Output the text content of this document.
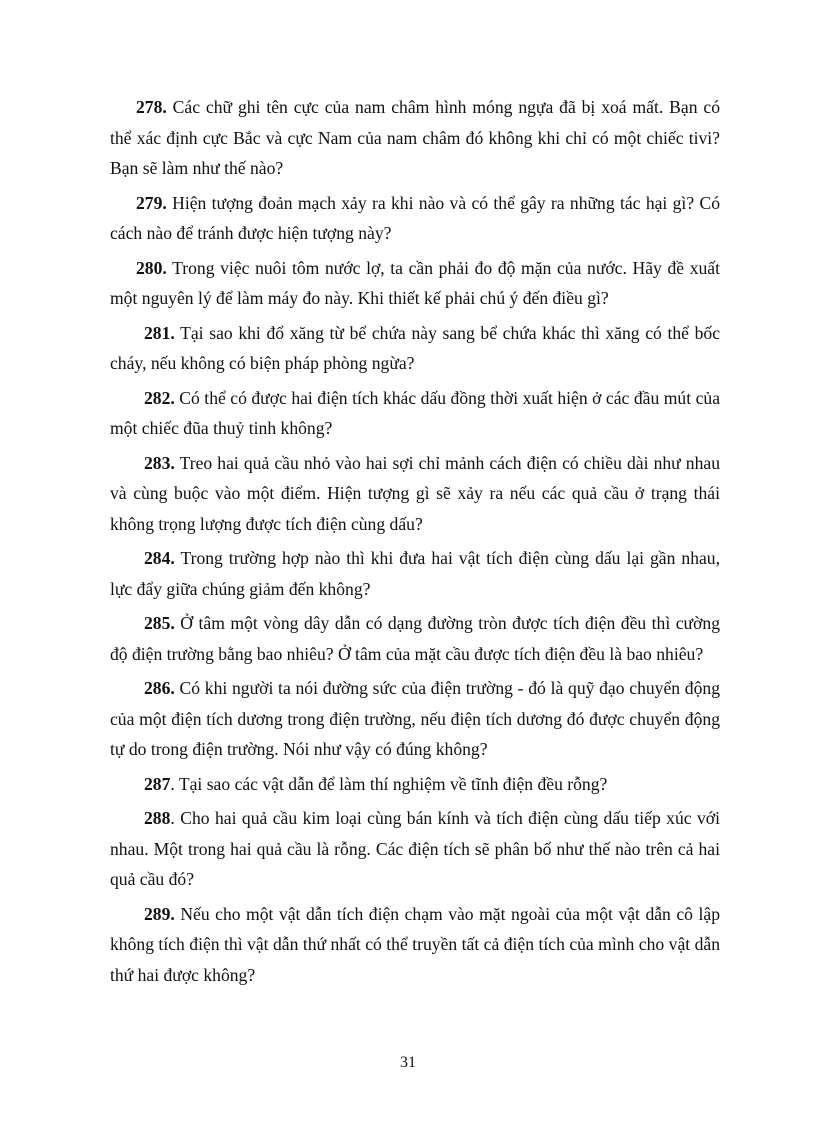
278. Các chữ ghi tên cực của nam châm hình móng ngựa đã bị xoá mất. Bạn có thể xác định cực Bắc và cực Nam của nam châm đó không khi chỉ có một chiếc tivi? Bạn sẽ làm như thế nào?

279. Hiện tượng đoản mạch xảy ra khi nào và có thể gây ra những tác hại gì? Có cách nào để tránh được hiện tượng này?

280. Trong việc nuôi tôm nước lợ, ta cần phải đo độ mặn của nước. Hãy đề xuất một nguyên lý để làm máy đo này. Khi thiết kế phải chú ý đến điều gì?

281. Tại sao khi đổ xăng từ bể chứa này sang bể chứa khác thì xăng có thể bốc cháy, nếu không có biện pháp phòng ngừa?

282. Có thể có được hai điện tích khác dấu đồng thời xuất hiện ở các đầu mút của một chiếc đũa thuỷ tinh không?

283. Treo hai quả cầu nhỏ vào hai sợi chỉ mảnh cách điện có chiều dài như nhau và cùng buộc vào một điểm. Hiện tượng gì sẽ xảy ra nếu các quả cầu ở trạng thái không trọng lượng được tích điện cùng dấu?

284. Trong trường hợp nào thì khi đưa hai vật tích điện cùng dấu lại gần nhau, lực đẩy giữa chúng giảm đến không?

285. Ở tâm một vòng dây dẫn có dạng đường tròn được tích điện đều thì cường độ điện trường bằng bao nhiêu? Ở tâm của mặt cầu được tích điện đều là bao nhiêu?

286. Có khi người ta nói đường sức của điện trường - đó là quỹ đạo chuyển động của một điện tích dương trong điện trường, nếu điện tích dương đó được chuyển động tự do trong điện trường. Nói như vậy có đúng không?

287. Tại sao các vật dẫn để làm thí nghiệm về tĩnh điện đều rỗng?

288. Cho hai quả cầu kim loại cùng bán kính và tích điện cùng dấu tiếp xúc với nhau. Một trong hai quả cầu là rỗng. Các điện tích sẽ phân bố như thế nào trên cả hai quả cầu đó?

289. Nếu cho một vật dẫn tích điện chạm vào mặt ngoài của một vật dẫn cô lập không tích điện thì vật dẫn thứ nhất có thể truyền tất cả điện tích của mình cho vật dẫn thứ hai được không?

31
